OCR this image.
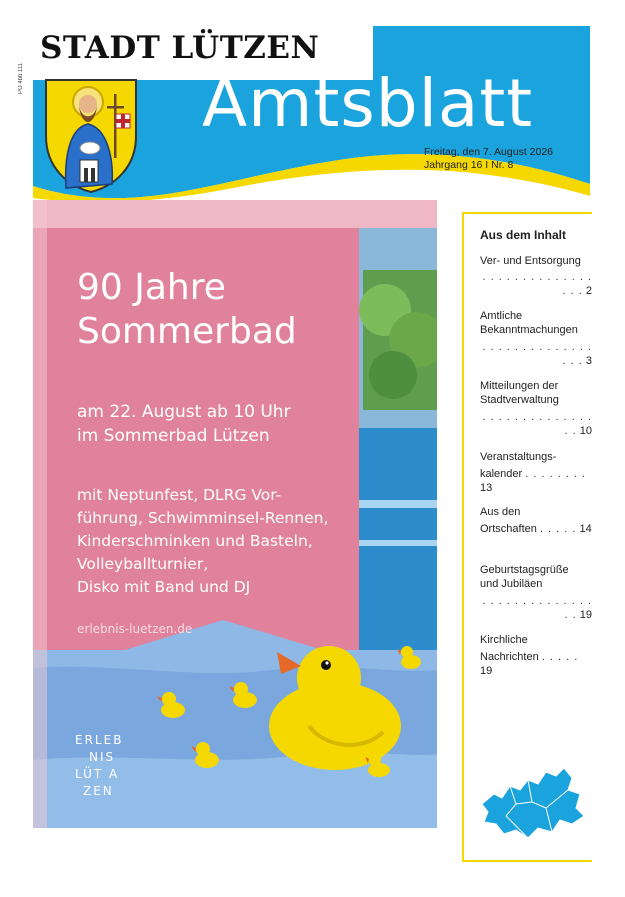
PO 4bb 111
STADT LÜTZEN
Amtsblatt
Freitag, den 7. August 2026
Jahrgang 16 I Nr. 8
90 Jahre
Sommerbad
am 22. August ab 10 Uhr
im Sommerbad Lützen
mit Neptunfest, DLRG Vor-
führung, Schwimminsel-Rennen,
Kinderschminken und Basteln,
Volleyballturnier,
Disko mit Band und DJ
erlebnis-luetzen.de
ERLEB
NIS
LÜT A
ZEN
Aus dem Inhalt
Ver- und Entsorgung
. . . . . . . . . . . . . . . . . 2
Amtliche
Bekanntmachungen
. . . . . . . . . . . . . . . . . 3
Mitteilungen der
Stadtverwaltung
. . . . . . . . . . . . . . . . 10
Veranstaltungs-
kalender . . . . . . . . 13
Aus den
Ortschaften . . . . . 14
Geburtstagsgrüße
und Jubiläen
. . . . . . . . . . . . . . . . 19
Kirchliche
Nachrichten . . . . . 19
